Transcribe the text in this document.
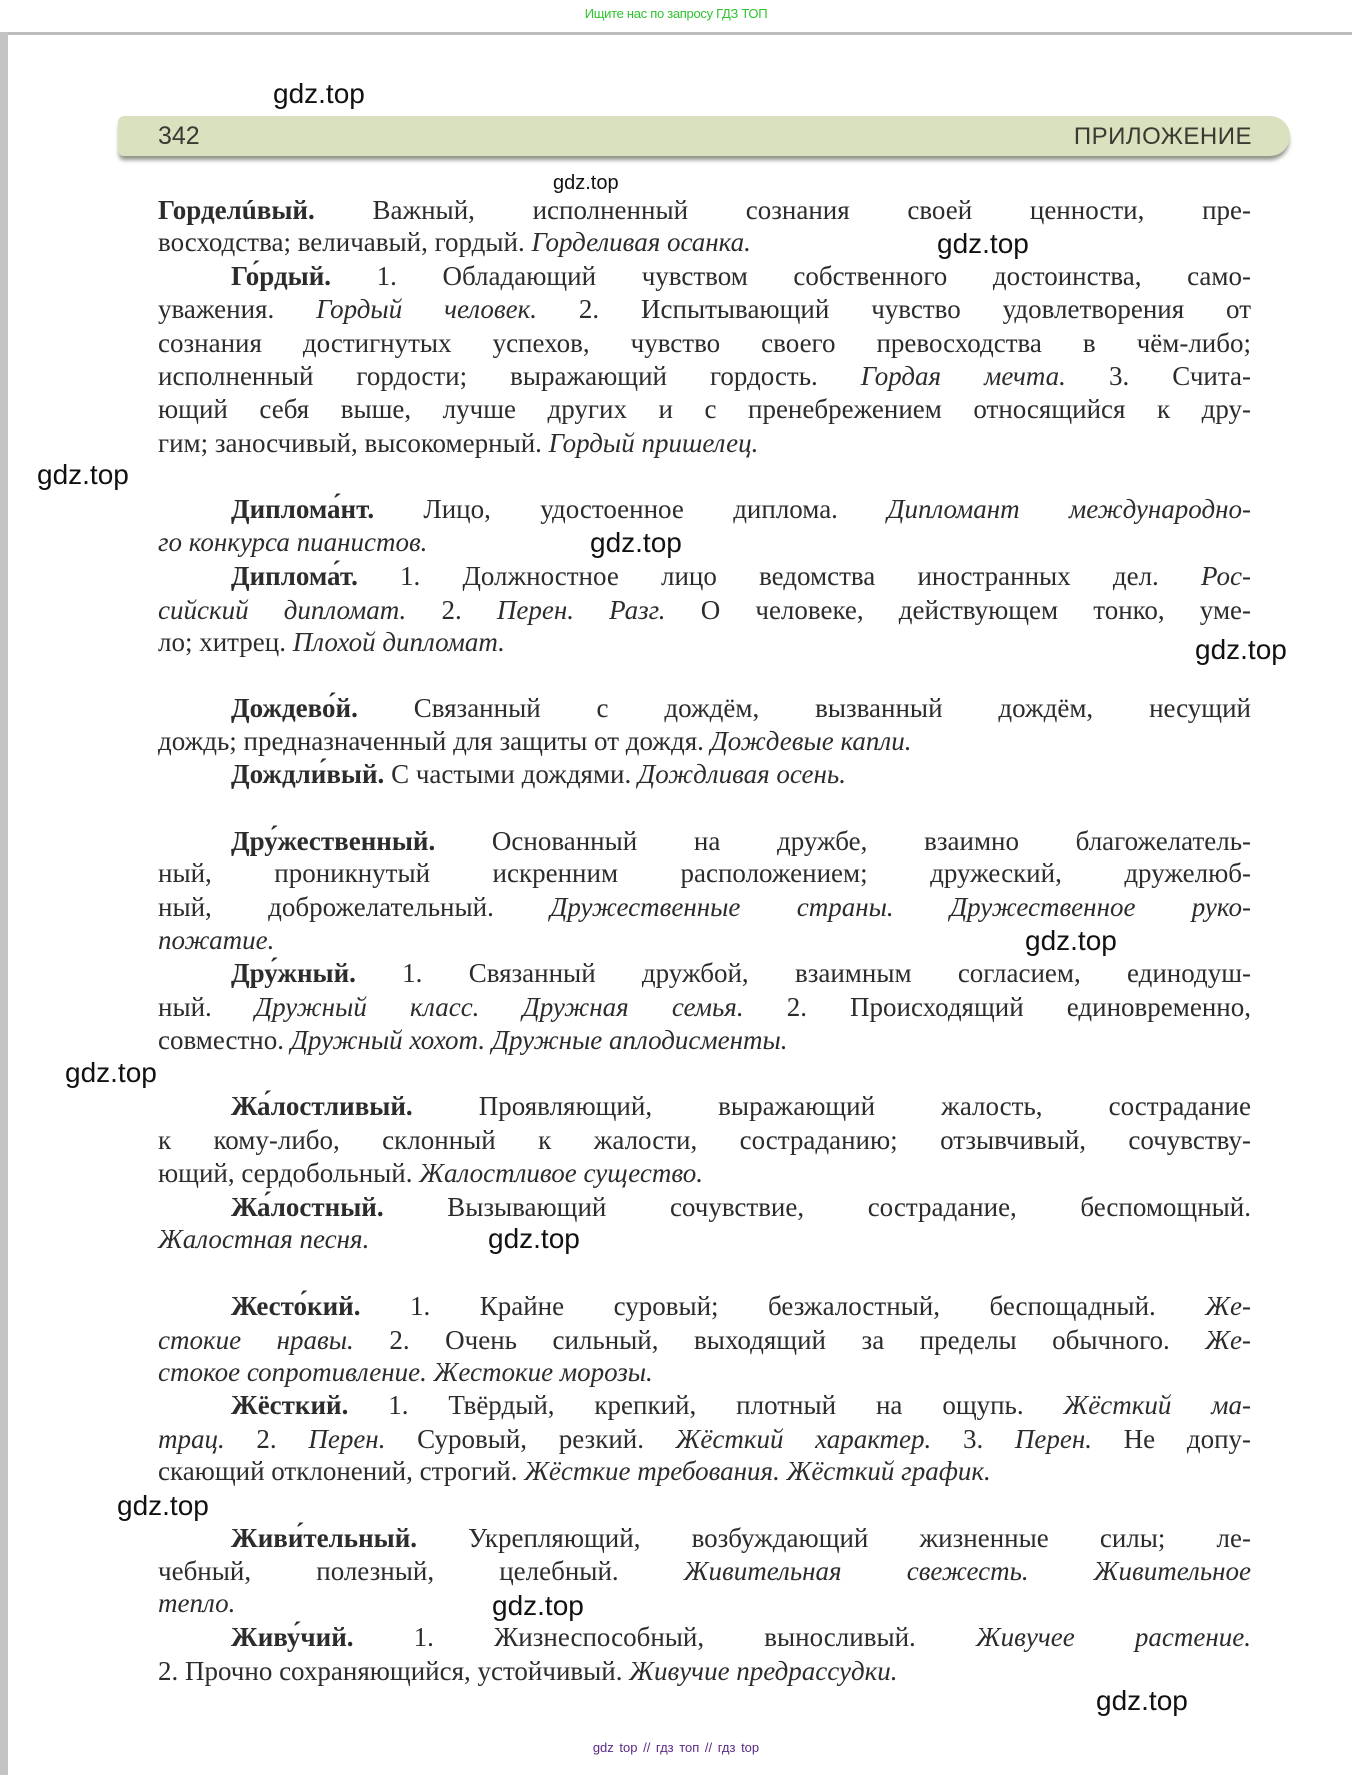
Ищите нас по запросу ГДЗ ТОП
342	ПРИЛОЖЕНИЕ
Горделúвый. Важный, исполненный сознания своей ценности, пре-
восходства; величавый, гордый. Горделивая осанка.
Го́рдый. 1. Обладающий чувством собственного достоинства, само-
уважения. Гордый человек. 2. Испытывающий чувство удовлетворения от
сознания достигнутых успехов, чувство своего превосходства в чём-либо;
исполненный гордости; выражающий гордость. Гордая мечта. 3. Счита-
ющий себя выше, лучше других и с пренебрежением относящийся к дру-
гим; заносчивый, высокомерный. Гордый пришелец.
Диплома́нт. Лицо, удостоенное диплома. Дипломант международно-
го конкурса пианистов.
Диплома́т. 1. Должностное лицо ведомства иностранных дел. Рос-
сийский дипломат. 2. Перен. Разг. О человеке, действующем тонко, уме-
ло; хитрец. Плохой дипломат.
Дождево́й. Связанный с дождём, вызванный дождём, несущий
дождь; предназначенный для защиты от дождя. Дождевые капли.
Дождли́вый. С частыми дождями. Дождливая осень.
Дру́жественный. Основанный на дружбе, взаимно благожелатель-
ный, проникнутый искренним расположением; дружеский, дружелюб-
ный, доброжелательный. Дружественные страны. Дружественное руко-
пожатие.
Дру́жный. 1. Связанный дружбой, взаимным согласием, единодуш-
ный. Дружный класс. Дружная семья. 2. Происходящий единовременно,
совместно. Дружный хохот. Дружные аплодисменты.
Жа́лостливый. Проявляющий, выражающий жалость, сострадание
к кому-либо, склонный к жалости, состраданию; отзывчивый, сочувству-
ющий, сердобольный. Жалостливое существо.
Жа́лостный. Вызывающий сочувствие, сострадание, беспомощный.
Жалостная песня.
Жесто́кий. 1. Крайне суровый; безжалостный, беспощадный. Же-
стокие нравы. 2. Очень сильный, выходящий за пределы обычного. Же-
стокое сопротивление. Жестокие морозы.
Жёсткий. 1. Твёрдый, крепкий, плотный на ощупь. Жёсткий ма-
трац. 2. Перен. Суровый, резкий. Жёсткий характер. 3. Перен. Не допу-
скающий отклонений, строгий. Жёсткие требования. Жёсткий график.
Живи́тельный. Укрепляющий, возбуждающий жизненные силы; ле-
чебный, полезный, целебный. Живительная свежесть. Живительное
тепло.
Живу́чий. 1. Жизнеспособный, выносливый. Живучее растение.
2. Прочно сохраняющийся, устойчивый. Живучие предрассудки.
gdz.top
gdz.top
gdz.top
gdz.top
gdz.top
gdz.top
gdz.top
gdz.top
gdz.top
gdz.top
gdz.top
gdz.top
gdz top // гдз топ // гдз top
